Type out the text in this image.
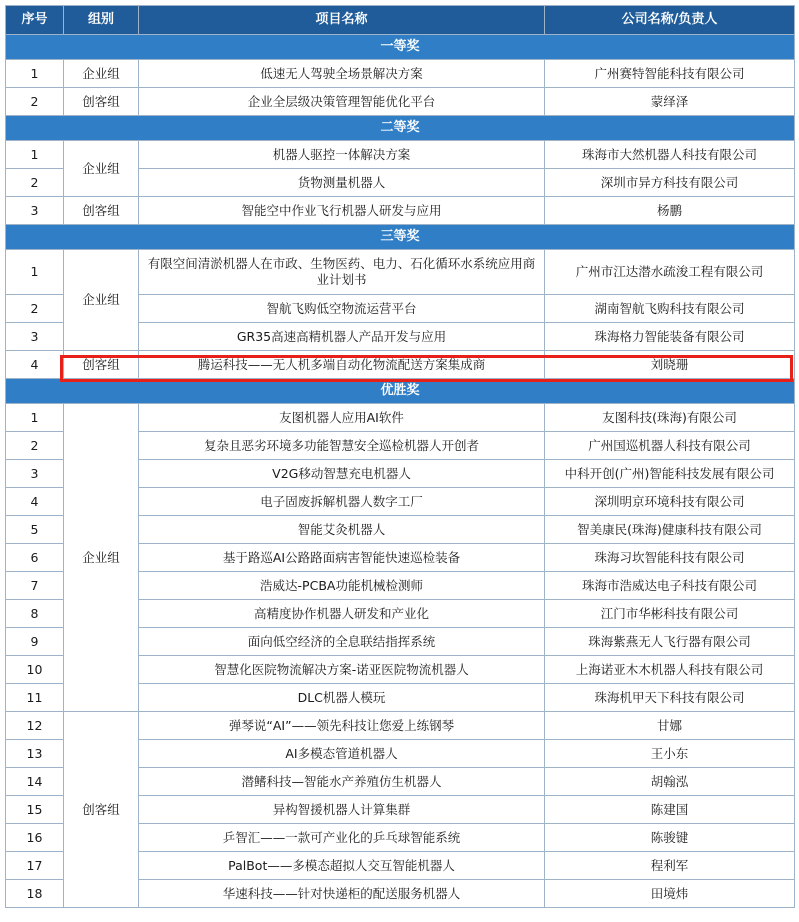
序号	组别	项目名称	公司名称/负责人
一等奖			
1	企业组	低速无人驾驶全场景解决方案	广州赛特智能科技有限公司
2	创客组	企业全层级决策管理智能优化平台	蒙绎泽
二等奖			
1	企业组	机器人驱控一体解决方案	珠海市大然机器人科技有限公司
2		货物测量机器人	深圳市异方科技有限公司
3	创客组	智能空中作业飞行机器人研发与应用	杨鹏
三等奖			
1	企业组	有限空间清淤机器人在市政、生物医药、电力、石化循环水系统应用商业计划书	广州市江达潜水疏浚工程有限公司
2		智航飞购低空物流运营平台	湖南智航飞购科技有限公司
3		GR35高速高精机器人产品开发与应用	珠海格力智能装备有限公司
4	创客组	腾运科技——无人机多端自动化物流配送方案集成商	刘晓珊
优胜奖			
1	企业组	友图机器人应用AI软件	友图科技(珠海)有限公司
2		复杂且恶劣环境多功能智慧安全巡检机器人开创者	广州国巡机器人科技有限公司
3		V2G移动智慧充电机器人	中科开创(广州)智能科技发展有限公司
4		电子固废拆解机器人数字工厂	深圳明京环境科技有限公司
5		智能艾灸机器人	智美康民(珠海)健康科技有限公司
6		基于路巡AI公路路面病害智能快速巡检装备	珠海习坎智能科技有限公司
7		浩威达-PCBA功能机械检测师	珠海市浩威达电子科技有限公司
8		高精度协作机器人研发和产业化	江门市华彬科技有限公司
9		面向低空经济的全息联结指挥系统	珠海紫燕无人飞行器有限公司
10		智慧化医院物流解决方案-诺亚医院物流机器人	上海诺亚木木机器人科技有限公司
11		DLC机器人模玩	珠海机甲天下科技有限公司
12	创客组	弹琴说“AI”——领先科技让您爱上练钢琴	甘娜
13		AI多模态管道机器人	王小东
14		潜鳍科技—智能水产养殖仿生机器人	胡翰泓
15		异构智援机器人计算集群	陈建国
16		乒智汇——一款可产业化的乒乓球智能系统	陈骏键
17		PalBot——多模态超拟人交互智能机器人	程利军
18		华速科技——针对快递柜的配送服务机器人	田境炜
